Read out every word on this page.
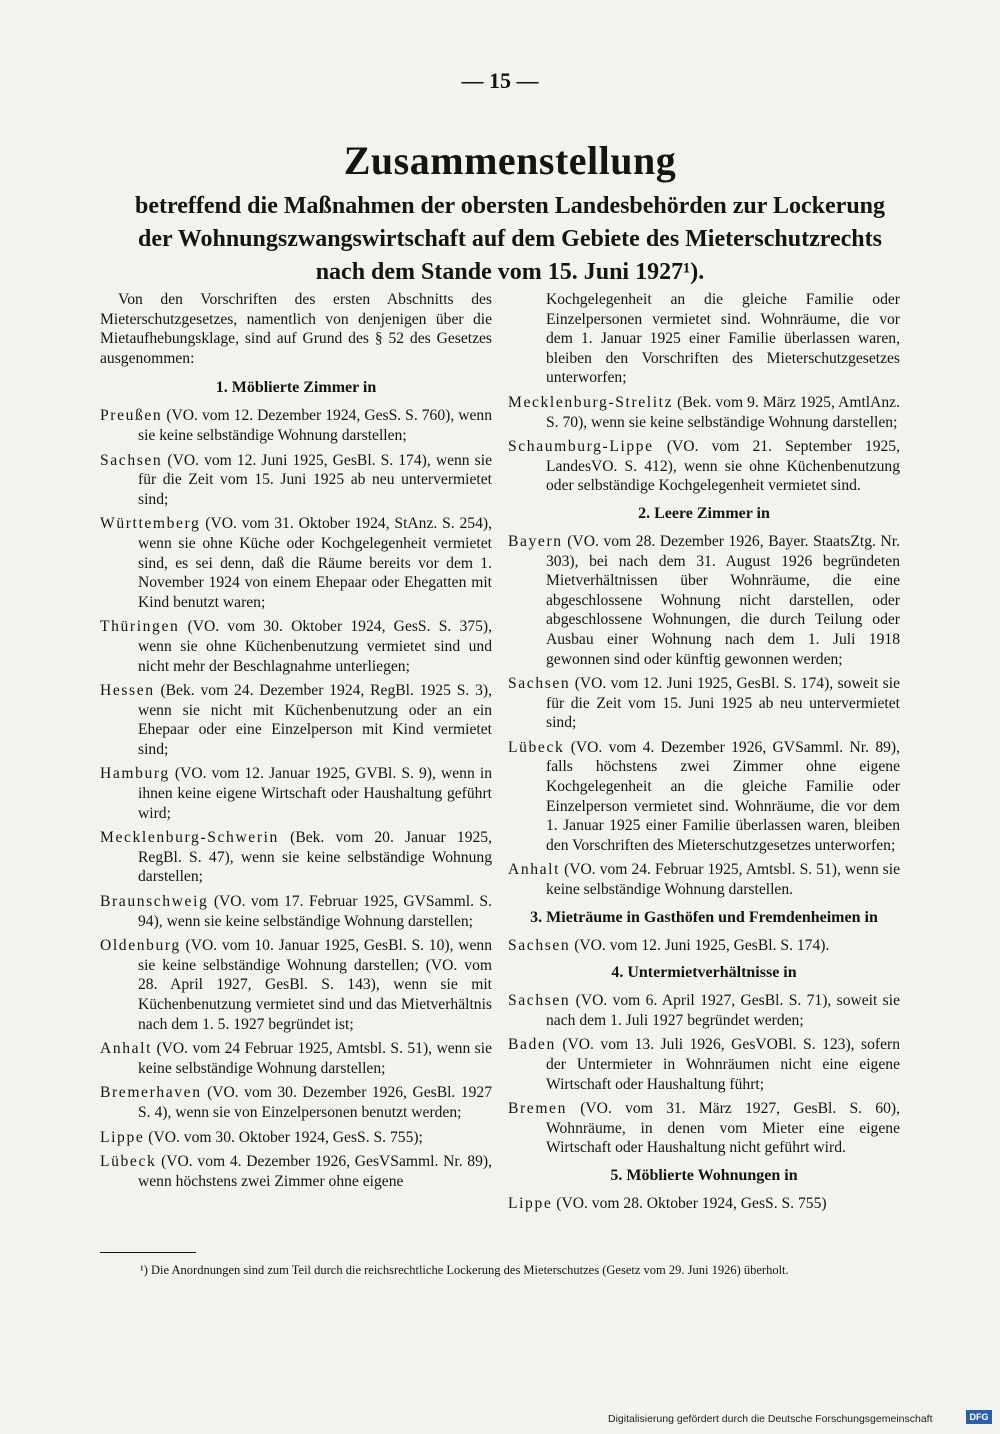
— 15 —
Zusammenstellung
betreffend die Maßnahmen der obersten Landesbehörden zur Lockerung
der Wohnungszwangswirtschaft auf dem Gebiete des Mieterschutzrechts
nach dem Stande vom 15. Juni 1927¹).

Von den Vorschriften des ersten Abschnitts des Mieterschutzgesetzes, namentlich von denjenigen über die Mietaufhebungsklage, sind auf Grund des § 52 des Gesetzes ausgenommen:

1. Möblierte Zimmer in

Preußen (VO. vom 12. Dezember 1924, GesS. S. 760), wenn sie keine selbständige Wohnung darstellen;

Sachsen (VO. vom 12. Juni 1925, GesBl. S. 174), wenn sie für die Zeit vom 15. Juni 1925 ab neu untervermietet sind;

Württemberg (VO. vom 31. Oktober 1924, StAnz. S. 254), wenn sie ohne Küche oder Kochgelegenheit vermietet sind, es sei denn, daß die Räume bereits vor dem 1. November 1924 von einem Ehepaar oder Ehegatten mit Kind benutzt waren;

Thüringen (VO. vom 30. Oktober 1924, GesS. S. 375), wenn sie ohne Küchenbenutzung vermietet sind und nicht mehr der Beschlagnahme unterliegen;

Hessen (Bek. vom 24. Dezember 1924, RegBl. 1925 S. 3), wenn sie nicht mit Küchenbenutzung oder an ein Ehepaar oder eine Einzelperson mit Kind vermietet sind;

Hamburg (VO. vom 12. Januar 1925, GVBl. S. 9), wenn in ihnen keine eigene Wirtschaft oder Haushaltung geführt wird;

Mecklenburg-Schwerin (Bek. vom 20. Januar 1925, RegBl. S. 47), wenn sie keine selbständige Wohnung darstellen;

Braunschweig (VO. vom 17. Februar 1925, GVSamml. S. 94), wenn sie keine selbständige Wohnung darstellen;

Oldenburg (VO. vom 10. Januar 1925, GesBl. S. 10), wenn sie keine selbständige Wohnung darstellen; (VO. vom 28. April 1927, GesBl. S. 143), wenn sie mit Küchenbenutzung vermietet sind und das Mietverhältnis nach dem 1. 5. 1927 begründet ist;

Anhalt (VO. vom 24 Februar 1925, Amtsbl. S. 51), wenn sie keine selbständige Wohnung darstellen;

Bremerhaven (VO. vom 30. Dezember 1926, GesBl. 1927 S. 4), wenn sie von Einzelpersonen benutzt werden;

Lippe (VO. vom 30. Oktober 1924, GesS. S. 755);

Lübeck (VO. vom 4. Dezember 1926, GesVSamml. Nr. 89), wenn höchstens zwei Zimmer ohne eigene

Kochgelegenheit an die gleiche Familie oder Einzelpersonen vermietet sind. Wohnräume, die vor dem 1. Januar 1925 einer Familie überlassen waren, bleiben den Vorschriften des Mieterschutzgesetzes unterworfen;

Mecklenburg-Strelitz (Bek. vom 9. März 1925, AmtlAnz. S. 70), wenn sie keine selbständige Wohnung darstellen;

Schaumburg-Lippe (VO. vom 21. September 1925, LandesVO. S. 412), wenn sie ohne Küchenbenutzung oder selbständige Kochgelegenheit vermietet sind.

2. Leere Zimmer in

Bayern (VO. vom 28. Dezember 1926, Bayer. StaatsZtg. Nr. 303), bei nach dem 31. August 1926 begründeten Mietverhältnissen über Wohnräume, die eine abgeschlossene Wohnung nicht darstellen, oder abgeschlossene Wohnungen, die durch Teilung oder Ausbau einer Wohnung nach dem 1. Juli 1918 gewonnen sind oder künftig gewonnen werden;

Sachsen (VO. vom 12. Juni 1925, GesBl. S. 174), soweit sie für die Zeit vom 15. Juni 1925 ab neu untervermietet sind;

Lübeck (VO. vom 4. Dezember 1926, GVSamml. Nr. 89), falls höchstens zwei Zimmer ohne eigene Kochgelegenheit an die gleiche Familie oder Einzelperson vermietet sind. Wohnräume, die vor dem 1. Januar 1925 einer Familie überlassen waren, bleiben den Vorschriften des Mieterschutzgesetzes unterworfen;

Anhalt (VO. vom 24. Februar 1925, Amtsbl. S. 51), wenn sie keine selbständige Wohnung darstellen.

3. Mieträume in Gasthöfen und Fremdenheimen in

Sachsen (VO. vom 12. Juni 1925, GesBl. S. 174).

4. Untermietverhältnisse in

Sachsen (VO. vom 6. April 1927, GesBl. S. 71), soweit sie nach dem 1. Juli 1927 begründet werden;

Baden (VO. vom 13. Juli 1926, GesVOBl. S. 123), sofern der Untermieter in Wohnräumen nicht eine eigene Wirtschaft oder Haushaltung führt;

Bremen (VO. vom 31. März 1927, GesBl. S. 60), Wohnräume, in denen vom Mieter eine eigene Wirtschaft oder Haushaltung nicht geführt wird.

5. Möblierte Wohnungen in

Lippe (VO. vom 28. Oktober 1924, GesS. S. 755)

¹) Die Anordnungen sind zum Teil durch die reichsrechtliche Lockerung des Mieterschutzes (Gesetz vom 29. Juni 1926) überholt.
Digitalisierung gefördert durch die Deutsche Forschungsgemeinschaft	DFG
